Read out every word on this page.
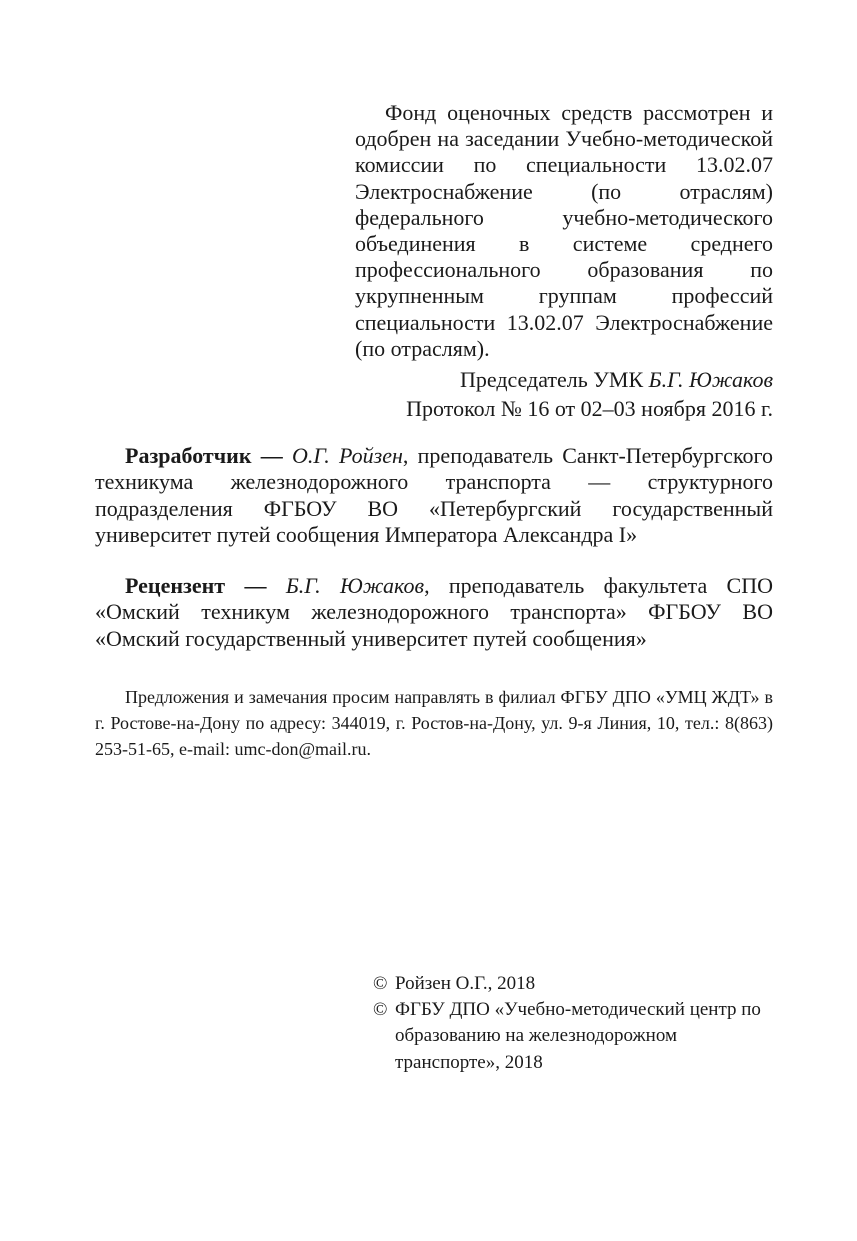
Фонд оценочных средств рассмотрен и одобрен на заседании Учебно-методической комиссии по специальности 13.02.07 Электроснабжение (по отраслям) федерального учебно-методического объединения в системе среднего профессионального образования по укрупненным группам профессий специальности 13.02.07 Электроснабжение (по отраслям).

Председатель УМК Б.Г. Южаков
Протокол № 16 от 02–03 ноября 2016 г.

Разработчик — О.Г. Ройзен, преподаватель Санкт-Петербургского техникума железнодорожного транспорта — структурного подразделения ФГБОУ ВО «Петербургский государственный университет путей сообщения Императора Александра I»

Рецензент — Б.Г. Южаков, преподаватель факультета СПО «Омский техникум железнодорожного транспорта» ФГБОУ ВО «Омский государственный университет путей сообщения»

Предложения и замечания просим направлять в филиал ФГБУ ДПО «УМЦ ЖДТ» в г. Ростове-на-Дону по адресу: 344019, г. Ростов-на-Дону, ул. 9-я Линия, 10, тел.: 8(863) 253-51-65, e-mail: umc-don@mail.ru.

© Ройзен О.Г., 2018
© ФГБУ ДПО «Учебно-методический центр по образованию на железнодорожном транспорте», 2018
